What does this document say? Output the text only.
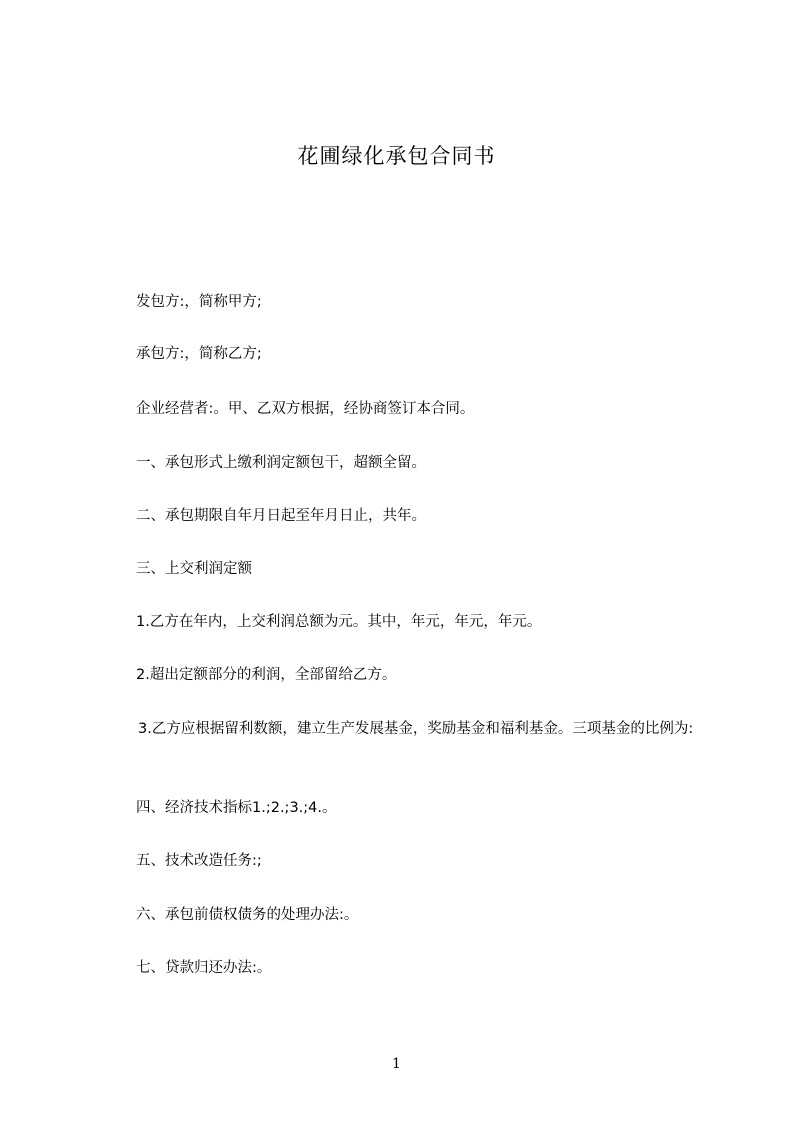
花圃绿化承包合同书

发包方:，简称甲方;

承包方:，简称乙方;

企业经营者:。甲、乙双方根据，经协商签订本合同。

一、承包形式上缴利润定额包干，超额全留。

二、承包期限自年月日起至年月日止，共年。

三、上交利润定额

1.乙方在年内，上交利润总额为元。其中，年元，年元，年元。

2.超出定额部分的利润，全部留给乙方。

3.乙方应根据留利数额，建立生产发展基金，奖励基金和福利基金。三项基金的比例为:

四、经济技术指标1.;2.;3.;4.。

五、技术改造任务:;

六、承包前债权债务的处理办法:。

七、贷款归还办法:。

1
